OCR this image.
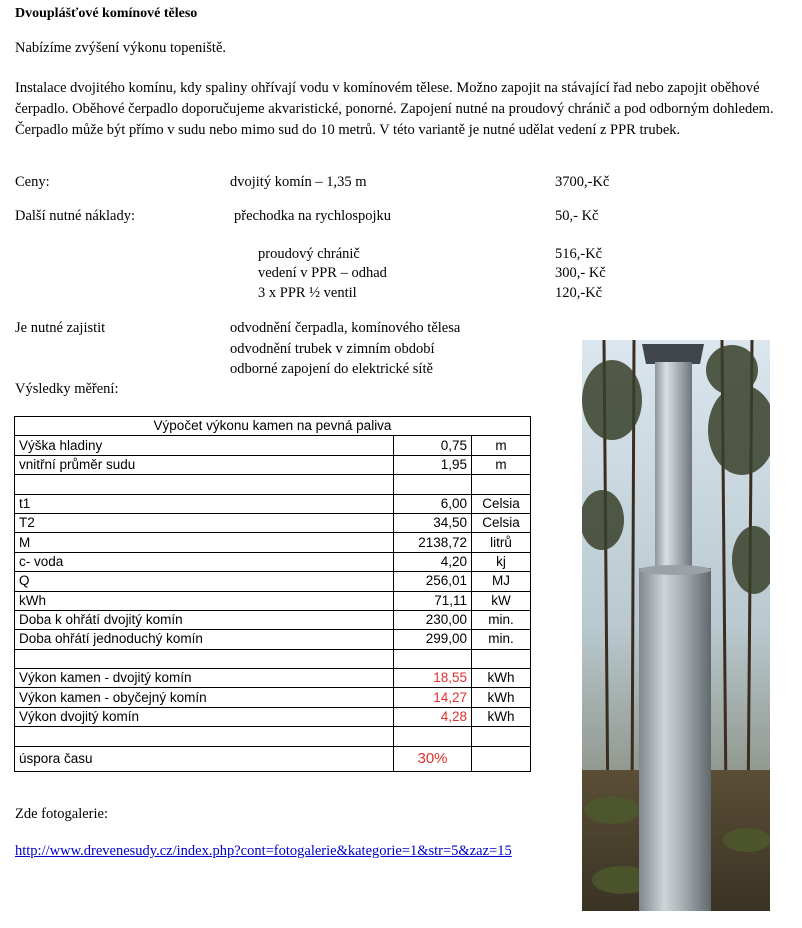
Dvouplášťové komínové těleso
Nabízíme zvýšení výkonu topeniště.
Instalace dvojitého komínu, kdy spaliny ohřívají vodu v komínovém tělese. Možno zapojit na stávající řad nebo zapojit oběhové čerpadlo. Oběhové čerpadlo doporučujeme akvaristické, ponorné. Zapojení nutné na proudový chránič a pod odborným dohledem. Čerpadlo může být přímo v sudu nebo mimo sud do 10 metrů. V této variantě je nutné udělat vedení z PPR trubek.
Ceny:	dvojitý komín – 1,35 m	3700,-Kč
Další nutné náklady:	přechodka na rychlospojku	50,- Kč
proudový chránič	516,-Kč
vedení v PPR – odhad	300,- Kč
3 x PPR ½ ventil	120,-Kč
Je nutné zajistit	odvodnění čerpadla, komínového tělesa
odvodnění trubek v zimním období
odborné zapojení do elektrické sítě
Výsledky měření:
Výpočet výkonu kamen na pevná paliva		
Výška hladiny	0,75	m
vnitřní průměr sudu	1,95	m

t1	6,00	Celsia
T2	34,50	Celsia
M	2138,72	litrů
c- voda	4,20	kj
Q	256,01	MJ
kWh	71,11	kW
Doba k ohřátí dvojitý komín	230,00	min.
Doba ohřátí jednoduchý komín	299,00	min.

Výkon kamen - dvojitý komín	18,55	kWh
Výkon kamen - obyčejný komín	14,27	kWh
Výkon dvojitý komín	4,28	kWh

úspora času	30%	
Zde fotogalerie:
http://www.drevenesudy.cz/index.php?cont=fotogalerie&kategorie=1&str=5&zaz=15
